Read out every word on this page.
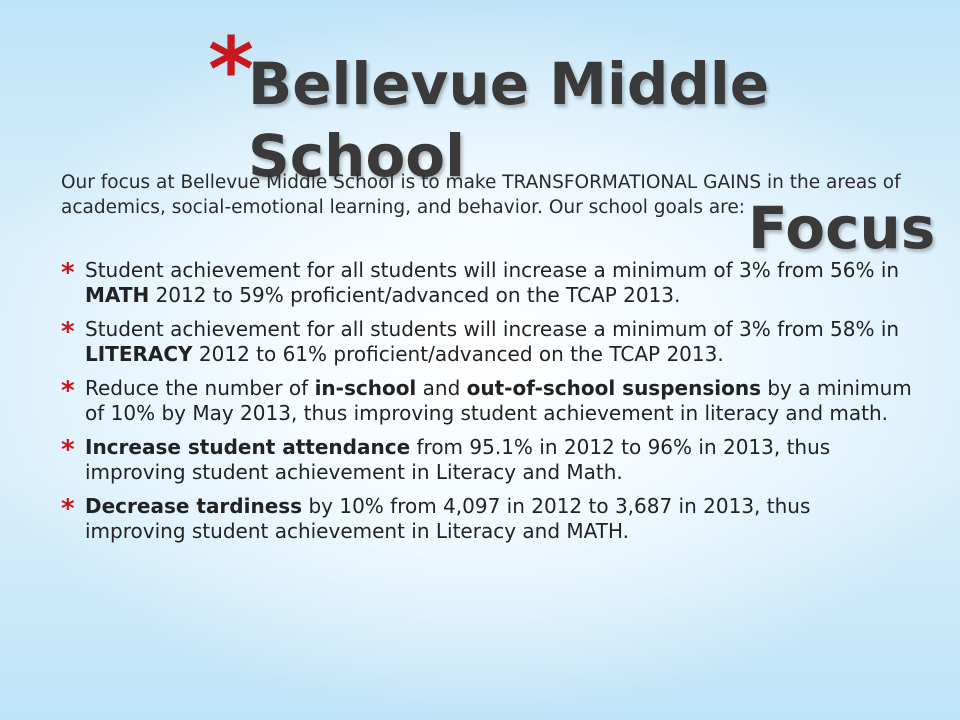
*
Bellevue Middle School
Focus
Our focus at Bellevue Middle School is to make TRANSFORMATIONAL GAINS in the areas of academics, social-emotional learning, and behavior. Our school goals are:
* Student achievement for all students will increase a minimum of 3% from 56% in MATH 2012 to 59% proficient/advanced on the TCAP 2013.
* Student achievement for all students will increase a minimum of 3% from 58% in LITERACY 2012 to 61% proficient/advanced on the TCAP 2013.
* Reduce the number of in-school and out-of-school suspensions by a minimum of 10% by May 2013, thus improving student achievement in literacy and math.
* Increase student attendance from 95.1% in 2012 to 96% in 2013, thus improving student achievement in Literacy and Math.
* Decrease tardiness by 10% from 4,097 in 2012 to 3,687 in 2013, thus improving student achievement in Literacy and MATH.
